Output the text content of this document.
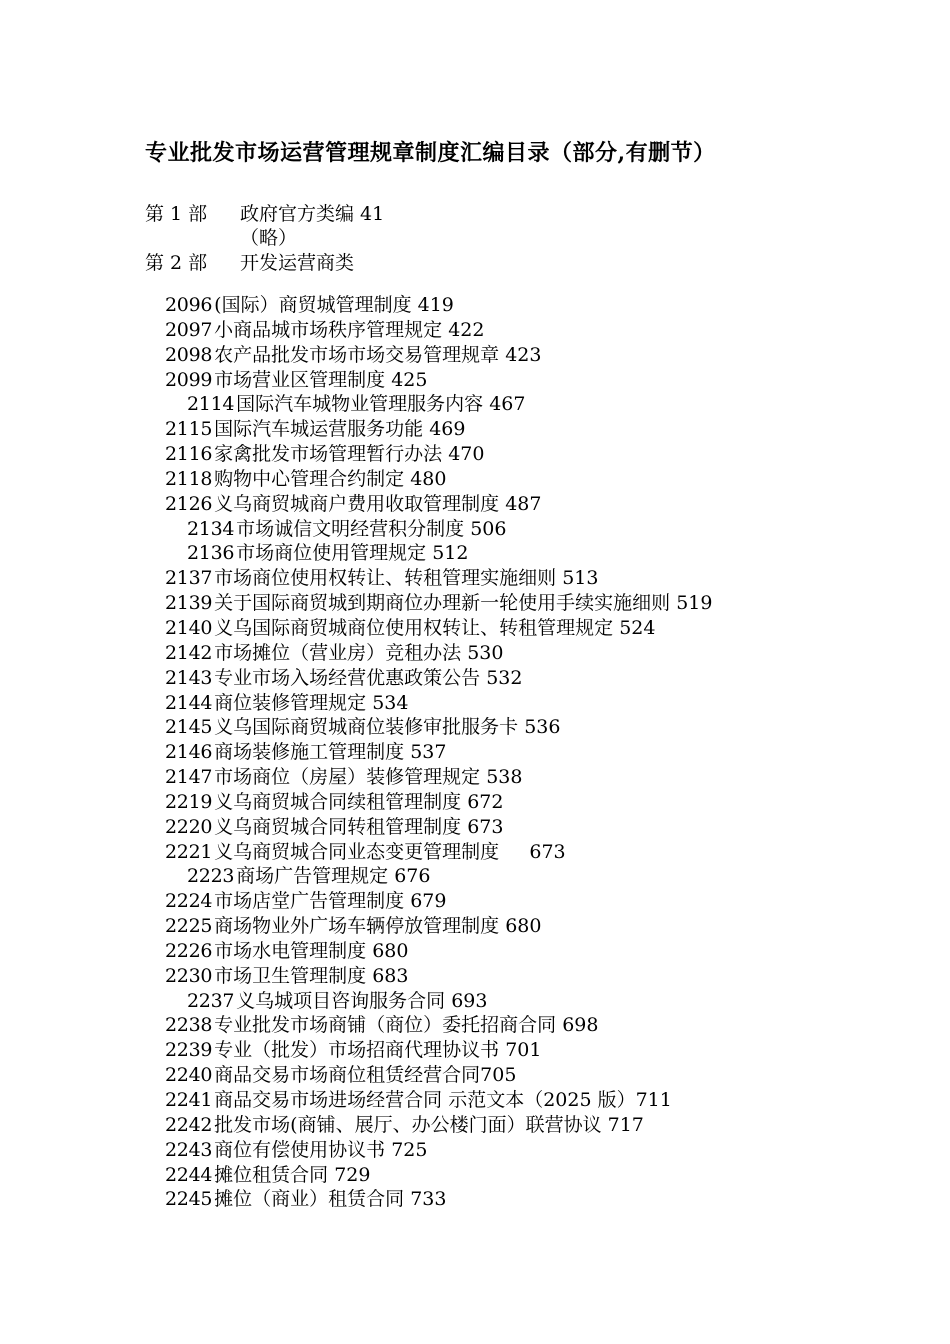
专业批发市场运营管理规章制度汇编目录（部分,有删节）
第 1 部 政府官方类编 41
（略）
第 2 部 开发运营商类
2096 (国际）商贸城管理制度 419
2097 小商品城市场秩序管理规定 422
2098 农产品批发市场市场交易管理规章 423
2099 市场营业区管理制度 425
2114 国际汽车城物业管理服务内容 467
2115 国际汽车城运营服务功能 469
2116 家禽批发市场管理暂行办法 470
2118 购物中心管理合约制定 480
2126 义乌商贸城商户费用收取管理制度 487
2134 市场诚信文明经营积分制度 506
2136 市场商位使用管理规定 512
2137 市场商位使用权转让、转租管理实施细则 513
2139 关于国际商贸城到期商位办理新一轮使用手续实施细则 519
2140 义乌国际商贸城商位使用权转让、转租管理规定 524
2142 市场摊位（营业房）竞租办法 530
2143 专业市场入场经营优惠政策公告 532
2144 商位装修管理规定 534
2145 义乌国际商贸城商位装修审批服务卡 536
2146 商场装修施工管理制度 537
2147 市场商位（房屋）装修管理规定 538
2219 义乌商贸城合同续租管理制度 672
2220 义乌商贸城合同转租管理制度 673
2221 义乌商贸城合同业态变更管理制度     673
2223 商场广告管理规定 676
2224 市场店堂广告管理制度 679
2225 商场物业外广场车辆停放管理制度 680
2226 市场水电管理制度 680
2230 市场卫生管理制度 683
2237 义乌城项目咨询服务合同 693
2238 专业批发市场商铺（商位）委托招商合同 698
2239 专业（批发）市场招商代理协议书 701
2240 商品交易市场商位租赁经营合同705
2241 商品交易市场进场经营合同 示范文本（2025 版）711
2242 批发市场(商铺、展厅、办公楼门面）联营协议 717
2243 商位有偿使用协议书 725
2244 摊位租赁合同 729
2245 摊位（商业）租赁合同 733
